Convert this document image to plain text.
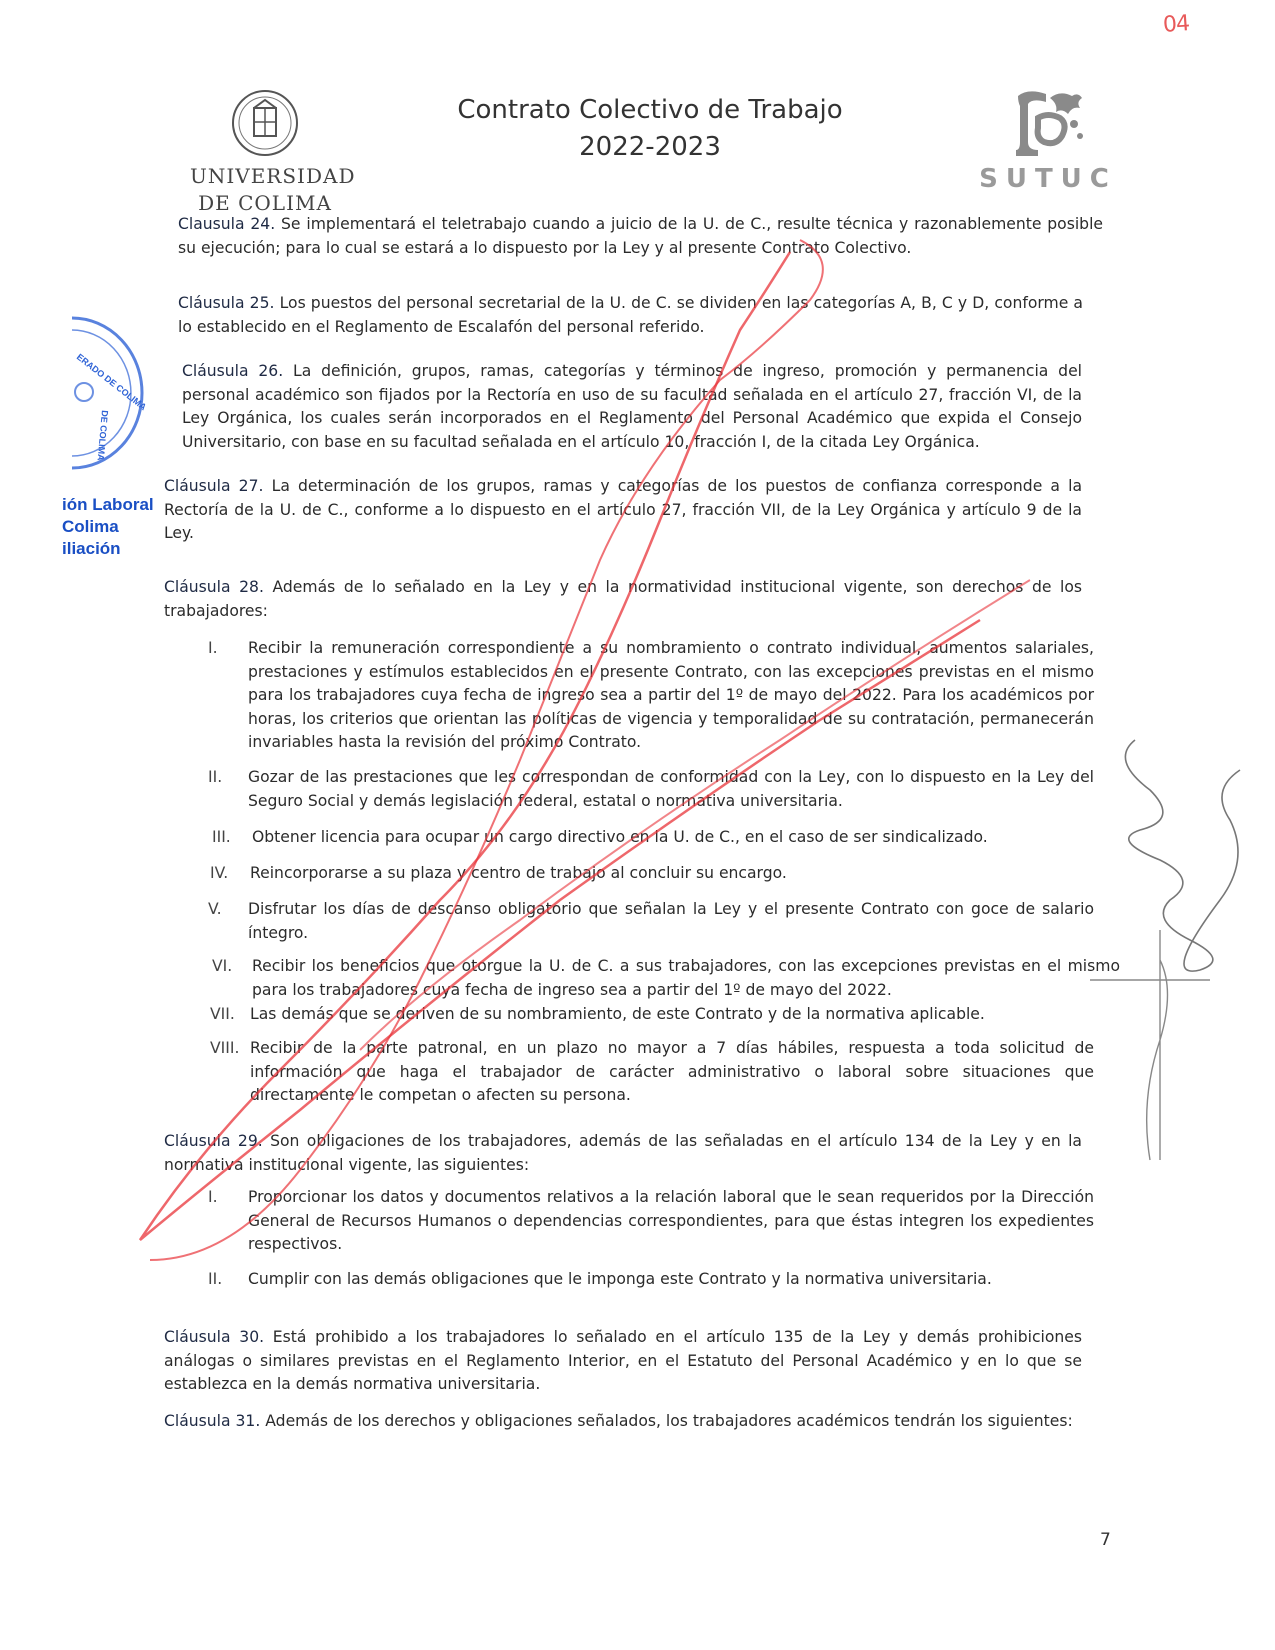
04
UNIVERSIDAD
DE COLIMA
Contrato Colectivo de Trabajo
2022-2023
SUTUC
ERADO DE COLIMA
DE COLIMA
ión Laboral
Colima
iliación
Clausula 24. Se implementará el teletrabajo cuando a juicio de la U. de C., resulte técnica y razonablemente posible su ejecución; para lo cual se estará a lo dispuesto por la Ley y al presente Contrato Colectivo.
Cláusula 25. Los puestos del personal secretarial de la U. de C. se dividen en las categorías A, B, C y D, conforme a lo establecido en el Reglamento de Escalafón del personal referido.
Cláusula 26. La definición, grupos, ramas, categorías y términos de ingreso, promoción y permanencia del personal académico son fijados por la Rectoría en uso de su facultad señalada en el artículo 27, fracción VI, de la Ley Orgánica, los cuales serán incorporados en el Reglamento del Personal Académico que expida el Consejo Universitario, con base en su facultad señalada en el artículo 10, fracción I, de la citada Ley Orgánica.
Cláusula 27. La determinación de los grupos, ramas y categorías de los puestos de confianza corresponde a la Rectoría de la U. de C., conforme a lo dispuesto en el artículo 27, fracción VII, de la Ley Orgánica y artículo 9 de la Ley.
Cláusula 28. Además de lo señalado en la Ley y en la normatividad institucional vigente, son derechos de los trabajadores:
I.	Recibir la remuneración correspondiente a su nombramiento o contrato individual, aumentos salariales, prestaciones y estímulos establecidos en el presente Contrato, con las excepciones previstas en el mismo para los trabajadores cuya fecha de ingreso sea a partir del 1º de mayo del 2022. Para los académicos por horas, los criterios que orientan las políticas de vigencia y temporalidad de su contratación, permanecerán invariables hasta la revisión del próximo Contrato.
II.	Gozar de las prestaciones que les correspondan de conformidad con la Ley, con lo dispuesto en la Ley del Seguro Social y demás legislación federal, estatal o normativa universitaria.
III.	Obtener licencia para ocupar un cargo directivo en la U. de C., en el caso de ser sindicalizado.
IV.	Reincorporarse a su plaza y centro de trabajo al concluir su encargo.
V.	Disfrutar los días de descanso obligatorio que señalan la Ley y el presente Contrato con goce de salario íntegro.
VI.	Recibir los beneficios que otorgue la U. de C. a sus trabajadores, con las excepciones previstas en el mismo para los trabajadores cuya fecha de ingreso sea a partir del 1º de mayo del 2022.
VII. Las demás que se deriven de su nombramiento, de este Contrato y de la normativa aplicable.
VIII. Recibir de la parte patronal, en un plazo no mayor a 7 días hábiles, respuesta a toda solicitud de información que haga el trabajador de carácter administrativo o laboral sobre situaciones que directamente le competan o afecten su persona.
Cláusula 29. Son obligaciones de los trabajadores, además de las señaladas en el artículo 134 de la Ley y en la normativa institucional vigente, las siguientes:
I.	Proporcionar los datos y documentos relativos a la relación laboral que le sean requeridos por la Dirección General de Recursos Humanos o dependencias correspondientes, para que éstas integren los expedientes respectivos.
II.	Cumplir con las demás obligaciones que le imponga este Contrato y la normativa universitaria.
Cláusula 30. Está prohibido a los trabajadores lo señalado en el artículo 135 de la Ley y demás prohibiciones análogas o similares previstas en el Reglamento Interior, en el Estatuto del Personal Académico y en lo que se establezca en la demás normativa universitaria.
Cláusula 31. Además de los derechos y obligaciones señalados, los trabajadores académicos tendrán los siguientes:
7
